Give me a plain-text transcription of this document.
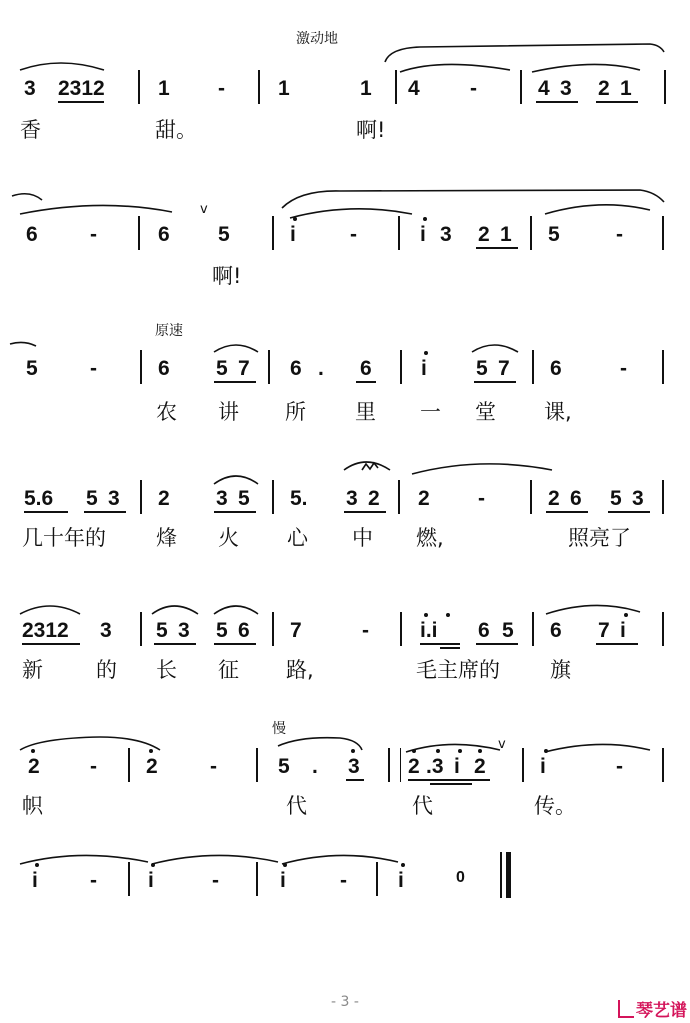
激动地
3 2312	1 -	1	1 4 -	4 3 2 1
香	甜。	啊!
6 -	6
v
5	i	-	i 3 2 1 5	-
啊!
原速
5 -	6 5 7 6 . 6 i 5 7 6	-
农 讲 所 里 一 堂 课,
5.6 5 3 2 3 5 5. 3 2 2 -	2 6 5 3
几十年的 烽 火 心 中 燃,	照亮了
2312 3 5 3 5 6 7	- i.i 6 5 6 7 i
新	的 长 征 路,	毛主席的 旗
慢
2 - 2 -	5 . 3 2 .3 i 2
v
i	-
帜	代	代	传。
i - i	-	i	- i	0
- 3 -	琴艺谱
